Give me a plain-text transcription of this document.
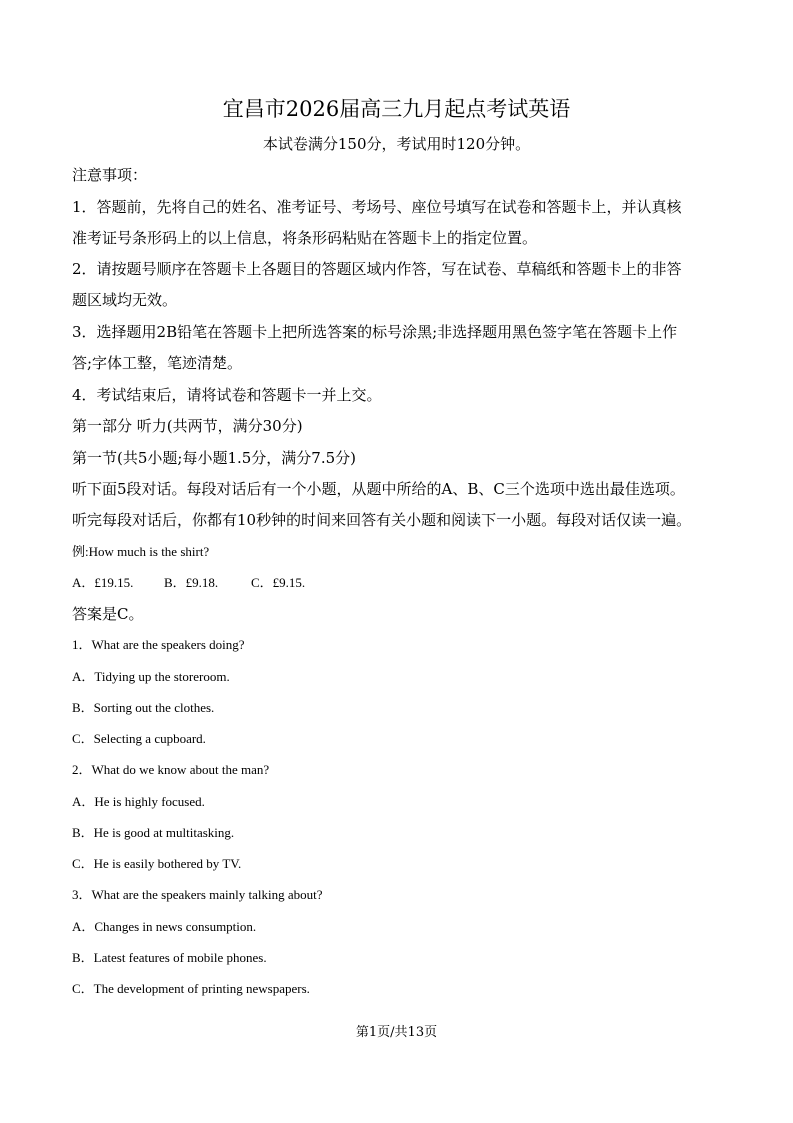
宜昌市2026届高三九月起点考试英语
本试卷满分150分，考试用时120分钟。
注意事项：
1．答题前，先将自己的姓名、准考证号、考场号、座位号填写在试卷和答题卡上，并认真核
准考证号条形码上的以上信息，将条形码粘贴在答题卡上的指定位置。
2．请按题号顺序在答题卡上各题目的答题区域内作答，写在试卷、草稿纸和答题卡上的非答
题区域均无效。
3．选择题用2B铅笔在答题卡上把所选答案的标号涂黑;非选择题用黑色签字笔在答题卡上作
答;字体工整，笔迹清楚。
4．考试结束后，请将试卷和答题卡一并上交。
第一部分 听力(共两节，满分30分)
第一节(共5小题;每小题1.5分，满分7.5分)
听下面5段对话。每段对话后有一个小题，从题中所给的A、B、C三个选项中选出最佳选项。
听完每段对话后，你都有10秒钟的时间来回答有关小题和阅读下一小题。每段对话仅读一遍。
例:How much is the shirt?
A．£19.15. B．£9.18.	C．£9.15.
答案是C。
1．What are the speakers doing?
A．Tidying up the storeroom.
B．Sorting out the clothes.
C．Selecting a cupboard.
2．What do we know about the man?
A．He is highly focused.
B．He is good at multitasking.
C．He is easily bothered by TV.
3．What are the speakers mainly talking about?
A．Changes in news consumption.
B．Latest features of mobile phones.
C．The development of printing newspapers.
第1页/共13页
